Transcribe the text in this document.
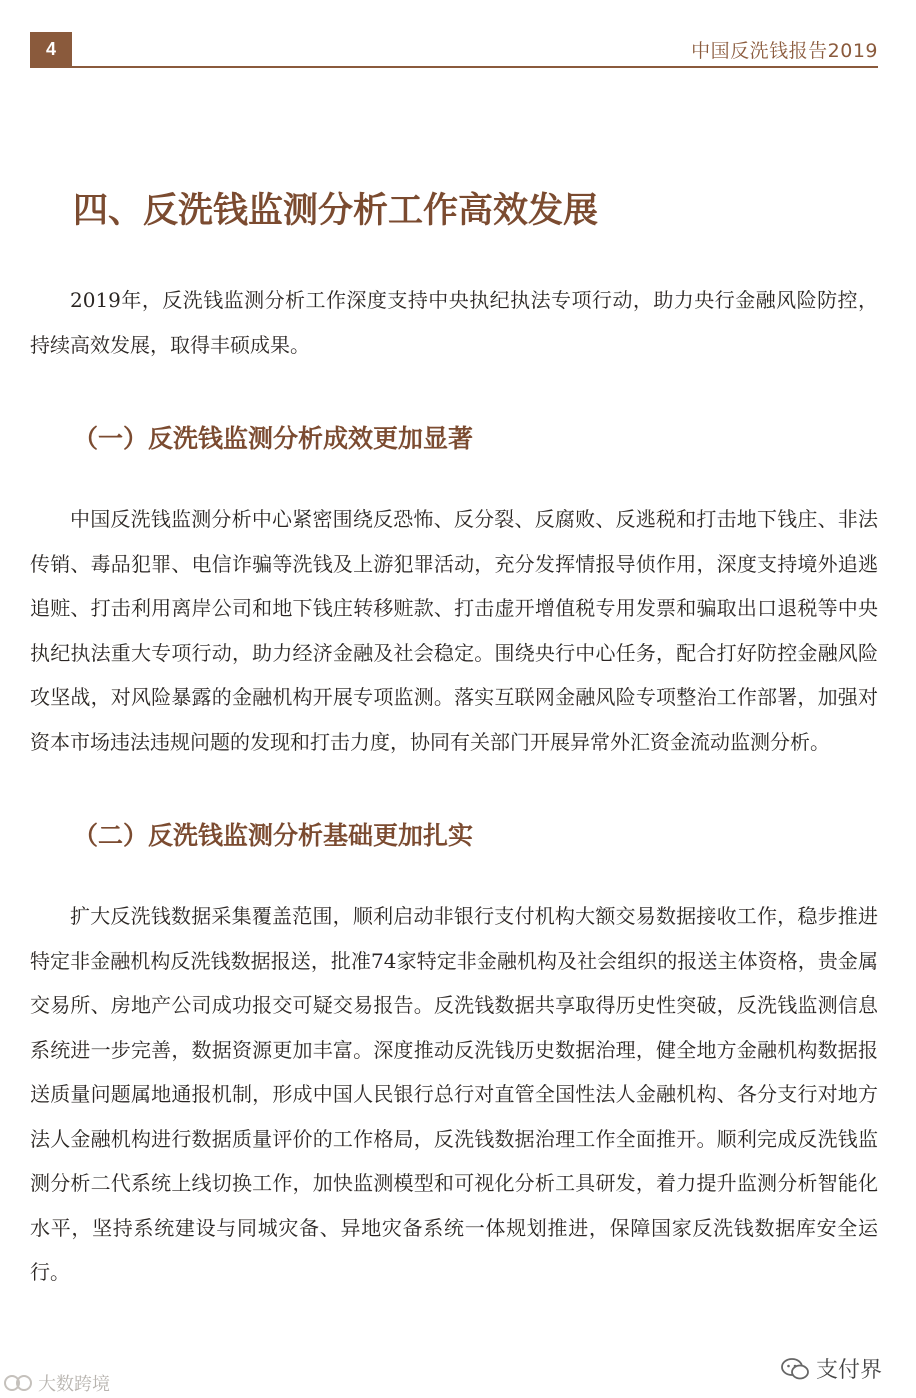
4	中国反洗钱报告2019
四、反洗钱监测分析工作高效发展

2019年，反洗钱监测分析工作深度支持中央执纪执法专项行动，助力央行金融风险防控，持续高效发展，取得丰硕成果。

（一）反洗钱监测分析成效更加显著

中国反洗钱监测分析中心紧密围绕反恐怖、反分裂、反腐败、反逃税和打击地下钱庄、非法传销、毒品犯罪、电信诈骗等洗钱及上游犯罪活动，充分发挥情报导侦作用，深度支持境外追逃追赃、打击利用离岸公司和地下钱庄转移赃款、打击虚开增值税专用发票和骗取出口退税等中央执纪执法重大专项行动，助力经济金融及社会稳定。围绕央行中心任务，配合打好防控金融风险攻坚战，对风险暴露的金融机构开展专项监测。落实互联网金融风险专项整治工作部署，加强对资本市场违法违规问题的发现和打击力度，协同有关部门开展异常外汇资金流动监测分析。

（二）反洗钱监测分析基础更加扎实

扩大反洗钱数据采集覆盖范围，顺利启动非银行支付机构大额交易数据接收工作，稳步推进特定非金融机构反洗钱数据报送，批准74家特定非金融机构及社会组织的报送主体资格，贵金属交易所、房地产公司成功报交可疑交易报告。反洗钱数据共享取得历史性突破，反洗钱监测信息系统进一步完善，数据资源更加丰富。深度推动反洗钱历史数据治理，健全地方金融机构数据报送质量问题属地通报机制，形成中国人民银行总行对直管全国性法人金融机构、各分支行对地方法人金融机构进行数据质量评价的工作格局，反洗钱数据治理工作全面推开。顺利完成反洗钱监测分析二代系统上线切换工作，加快监测模型和可视化分析工具研发，着力提升监测分析智能化水平，坚持系统建设与同城灾备、异地灾备系统一体规划推进，保障国家反洗钱数据库安全运行。

大数跨境
支付界
